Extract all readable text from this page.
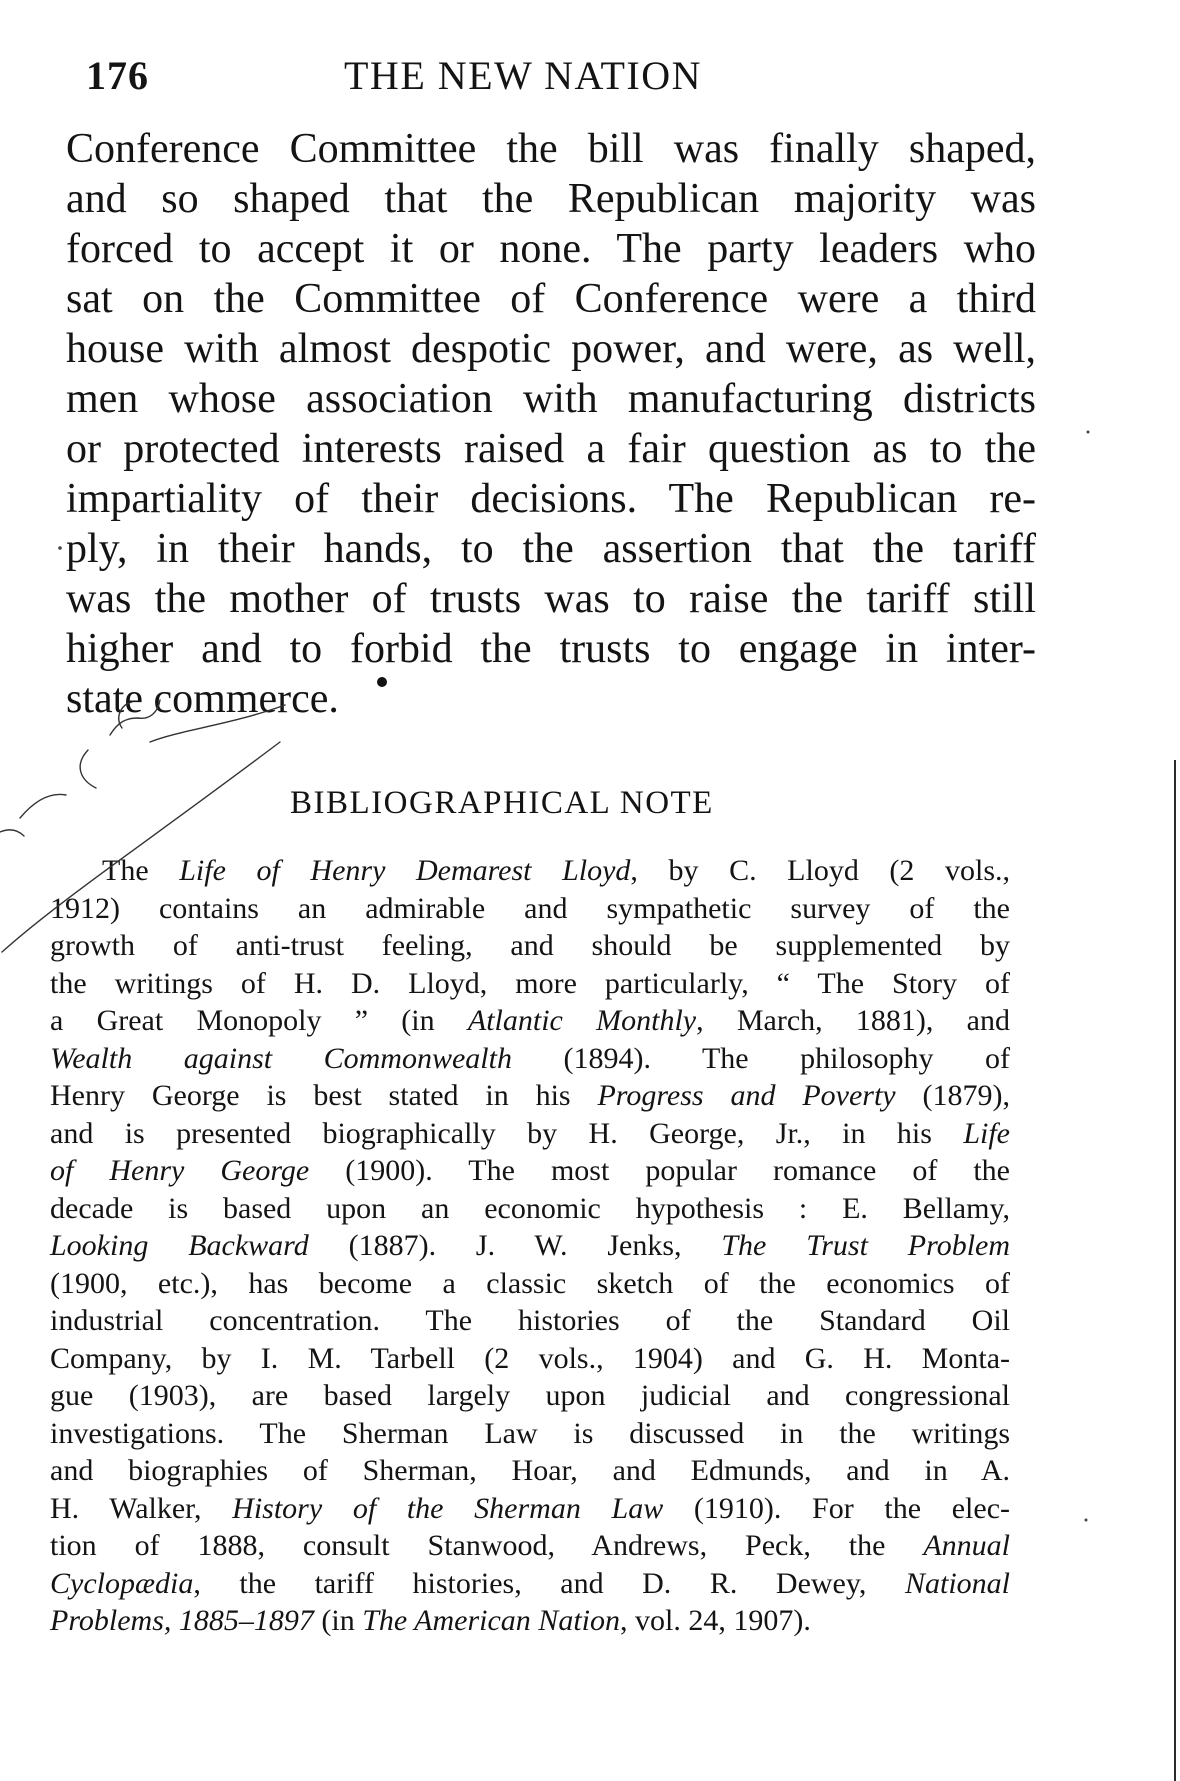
176	THE NEW NATION
Conference Committee the bill was finally shaped,
and so shaped that the Republican majority was
forced to accept it or none. The party leaders who
sat on the Committee of Conference were a third
house with almost despotic power, and were, as well,
men whose association with manufacturing districts
or protected interests raised a fair question as to the
impartiality of their decisions. The Republican re-
ply, in their hands, to the assertion that the tariff
was the mother of trusts was to raise the tariff still
higher and to forbid the trusts to engage in inter-
state commerce.
BIBLIOGRAPHICAL NOTE
The Life of Henry Demarest Lloyd, by C. Lloyd (2 vols.,
1912) contains an admirable and sympathetic survey of the
growth of anti-trust feeling, and should be supplemented by
the writings of H. D. Lloyd, more particularly, “ The Story of
a Great Monopoly ” (in Atlantic Monthly, March, 1881), and
Wealth against Commonwealth (1894). The philosophy of
Henry George is best stated in his Progress and Poverty (1879),
and is presented biographically by H. George, Jr., in his Life
of Henry George (1900). The most popular romance of the
decade is based upon an economic hypothesis : E. Bellamy,
Looking Backward (1887). J. W. Jenks, The Trust Problem
(1900, etc.), has become a classic sketch of the economics of
industrial concentration. The histories of the Standard Oil
Company, by I. M. Tarbell (2 vols., 1904) and G. H. Monta-
gue (1903), are based largely upon judicial and congressional
investigations. The Sherman Law is discussed in the writings
and biographies of Sherman, Hoar, and Edmunds, and in A.
H. Walker, History of the Sherman Law (1910). For the elec-
tion of 1888, consult Stanwood, Andrews, Peck, the Annual
Cyclopædia, the tariff histories, and D. R. Dewey, National
Problems, 1885–1897 (in The American Nation, vol. 24, 1907).
